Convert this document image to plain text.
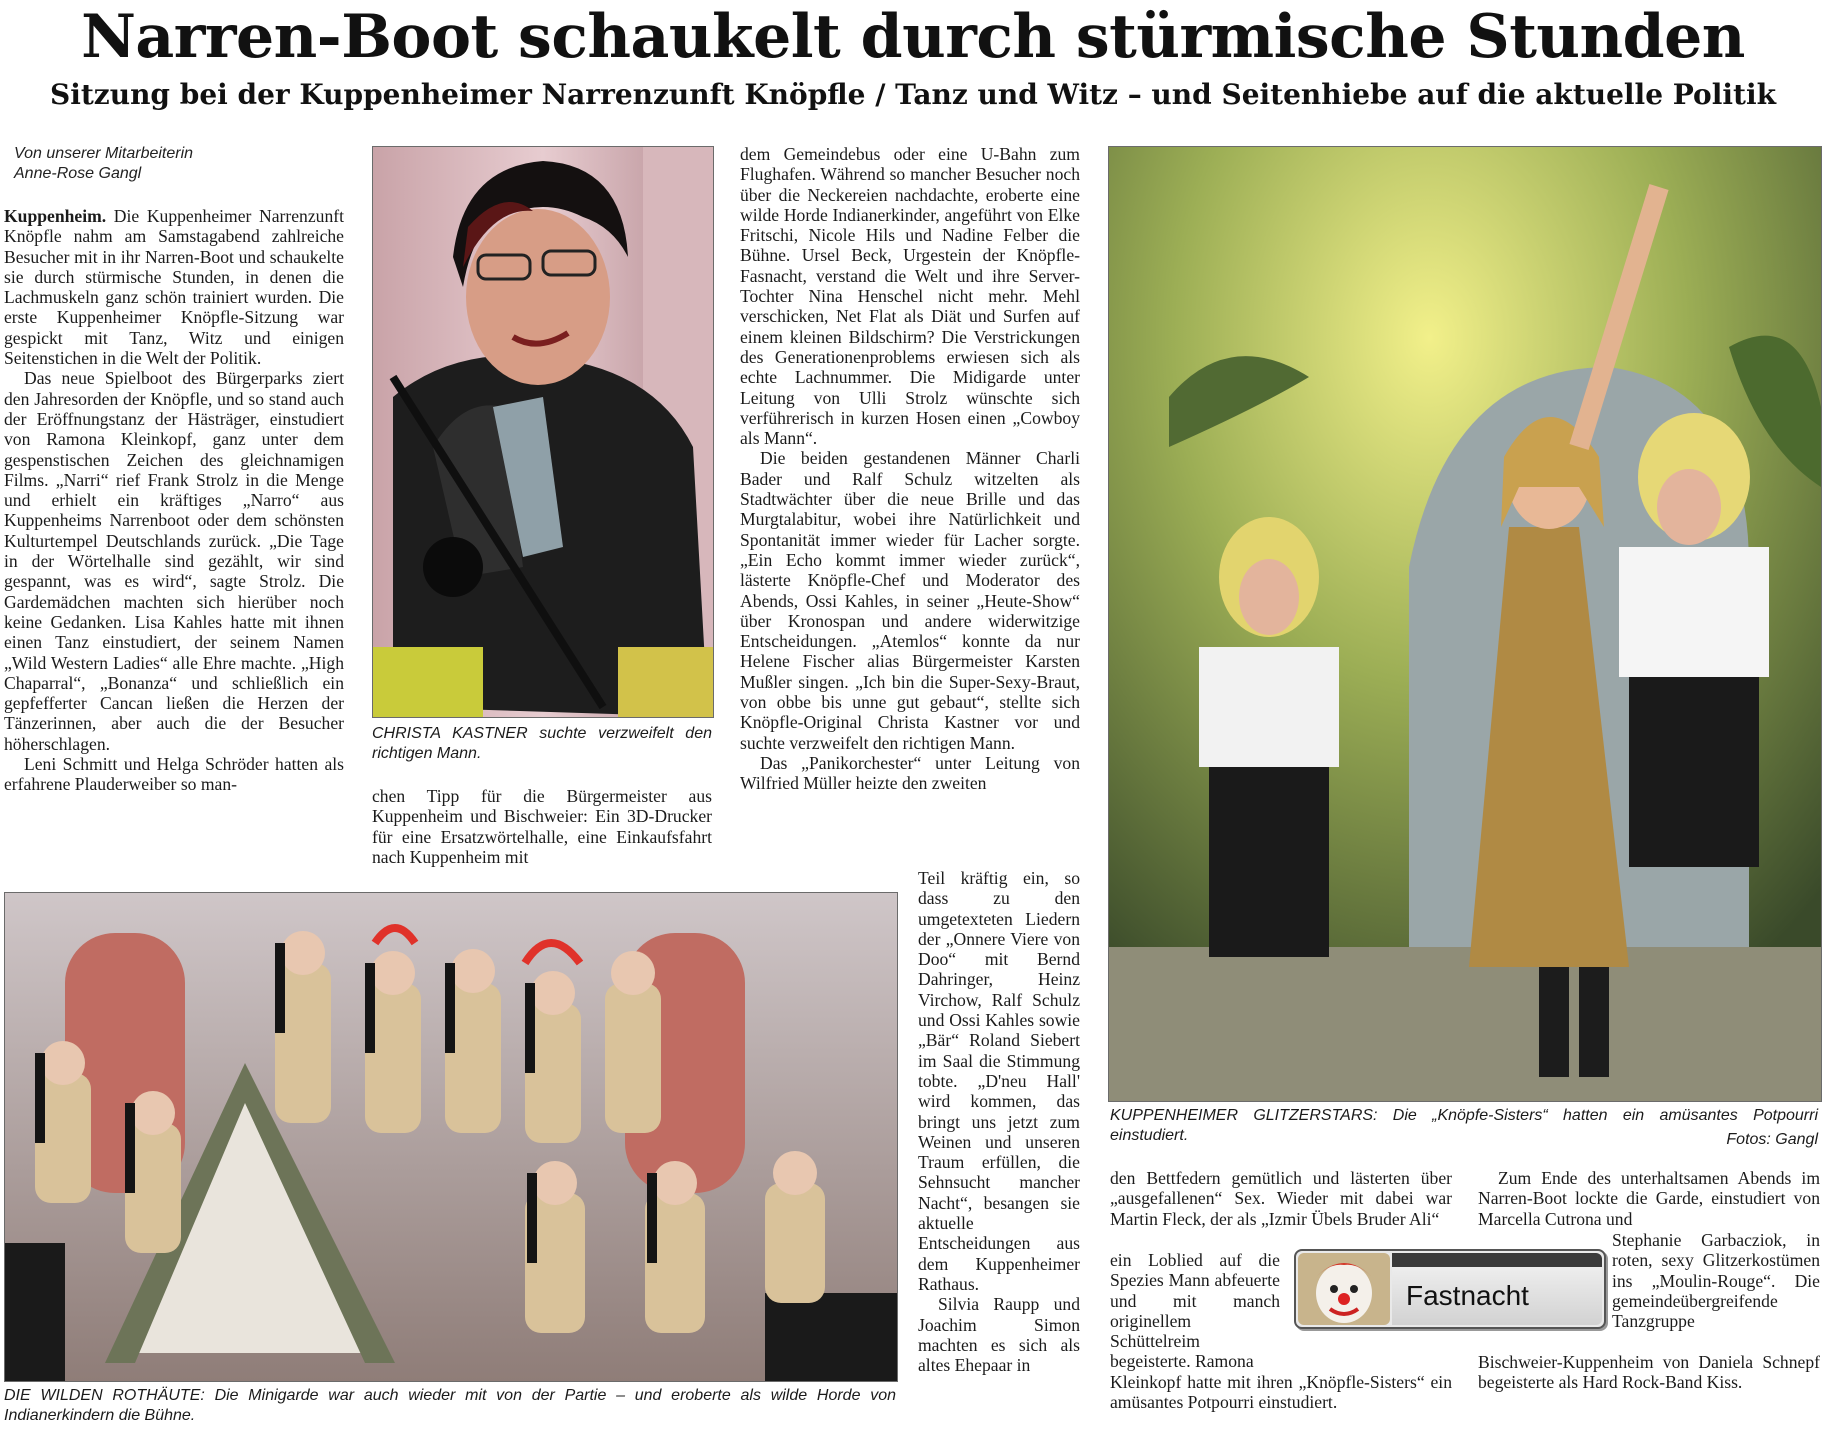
Narren-Boot schaukelt durch stürmische Stunden
Sitzung bei der Kuppenheimer Narrenzunft Knöpfle / Tanz und Witz – und Seitenhiebe auf die aktuelle Politik
Von unserer Mitarbeiterin
Anne-Rose Gangl

Kuppenheim. Die Kuppenheimer Narrenzunft Knöpfle nahm am Samstagabend zahlreiche Besucher mit in ihr Narren-Boot und schaukelte sie durch stürmische Stunden, in denen die Lachmuskeln ganz schön trainiert wurden. Die erste Kuppenheimer Knöpfle-Sitzung war gespickt mit Tanz, Witz und einigen Seitenstichen in die Welt der Politik.

Das neue Spielboot des Bürgerparks ziert den Jahresorden der Knöpfle, und so stand auch der Eröffnungstanz der Hästräger, einstudiert von Ramona Kleinkopf, ganz unter dem gespenstischen Zeichen des gleichnamigen Films. „Narri“ rief Frank Strolz in die Menge und erhielt ein kräftiges „Narro“ aus Kuppenheims Narrenboot oder dem schönsten Kulturtempel Deutschlands zurück. „Die Tage in der Wörtelhalle sind gezählt, wir sind gespannt, was es wird“, sagte Strolz. Die Gardemädchen machten sich hierüber noch keine Gedanken. Lisa Kahles hatte mit ihnen einen Tanz einstudiert, der seinem Namen „Wild Western Ladies“ alle Ehre machte. „High Chaparral“, „Bonanza“ und schließlich ein gepfefferter Cancan ließen die Herzen der Tänzerinnen, aber auch die der Besucher höherschlagen.

Leni Schmitt und Helga Schröder hatten als erfahrene Plauderweiber so man-

CHRISTA KASTNER suchte verzweifelt den richtigen Mann.

chen Tipp für die Bürgermeister aus Kuppenheim und Bischweier: Ein 3D-Drucker für eine Ersatzwörtelhalle, eine Einkaufsfahrt nach Kuppenheim mit

dem Gemeindebus oder eine U-Bahn zum Flughafen. Während so mancher Besucher noch über die Neckereien nachdachte, eroberte eine wilde Horde Indianerkinder, angeführt von Elke Fritschi, Nicole Hils und Nadine Felber die Bühne. Ursel Beck, Urgestein der Knöpfle-Fasnacht, verstand die Welt und ihre Server-Tochter Nina Henschel nicht mehr. Mehl verschicken, Net Flat als Diät und Surfen auf einem kleinen Bildschirm? Die Verstrickungen des Generationenproblems erwiesen sich als echte Lachnummer. Die Midigarde unter Leitung von Ulli Strolz wünschte sich verführerisch in kurzen Hosen einen „Cowboy als Mann“.

Die beiden gestandenen Männer Charli Bader und Ralf Schulz witzelten als Stadtwächter über die neue Brille und das Murgtalabitur, wobei ihre Natürlichkeit und Spontanität immer wieder für Lacher sorgte. „Ein Echo kommt immer wieder zurück“, lästerte Knöpfle-Chef und Moderator des Abends, Ossi Kahles, in seiner „Heute-Show“ über Kronospan und andere widerwitzige Entscheidungen. „Atemlos“ konnte da nur Helene Fischer alias Bürgermeister Karsten Mußler singen. „Ich bin die Super-Sexy-Braut, von obbe bis unne gut gebaut“, stellte sich Knöpfle-Original Christa Kastner vor und suchte verzweifelt den richtigen Mann.

Das „Panikorchester“ unter Leitung von Wilfried Müller heizte den zweiten

Teil kräftig ein, so dass zu den umgetexteten Liedern der „Onnere Viere von Doo“ mit Bernd Dahringer, Heinz Virchow, Ralf Schulz und Ossi Kahles sowie „Bär“ Roland Siebert im Saal die Stimmung tobte. „D'neu Hall' wird kommen, das bringt uns jetzt zum Weinen und unseren Traum erfüllen, die Sehnsucht mancher Nacht“, besangen sie aktuelle Entscheidungen aus dem Kuppenheimer Rathaus.

Silvia Raupp und Joachim Simon machten es sich als altes Ehepaar in

KUPPENHEIMER GLITZERSTARS: Die „Knöpfe-Sisters“ hatten ein amüsantes Potpourri einstudiert.	Fotos: Gangl

den Bettfedern gemütlich und lästerten über „ausgefallenen“ Sex. Wieder mit dabei war Martin Fleck, der als „Izmir Übels Bruder Ali“

ein Loblied auf die Spezies Mann abfeuerte und mit manch originellem Schüttelreim begeisterte. Ramona

Kleinkopf hatte mit ihren „Knöpfle-Sisters“ ein amüsantes Potpourri einstudiert.

Zum Ende des unterhaltsamen Abends im Narren-Boot lockte die Garde, einstudiert von Marcella Cutrona und

Stephanie Garbacziok, in roten, sexy Glitzerkostümen ins „Moulin-Rouge“. Die gemeindeübergreifende Tanzgruppe

Bischweier-Kuppenheim von Daniela Schnepf begeisterte als Hard Rock-Band Kiss.

Fastnacht
DIE WILDEN ROTHÄUTE: Die Minigarde war auch wieder mit von der Partie – und eroberte als wilde Horde von Indianerkindern die Bühne.
